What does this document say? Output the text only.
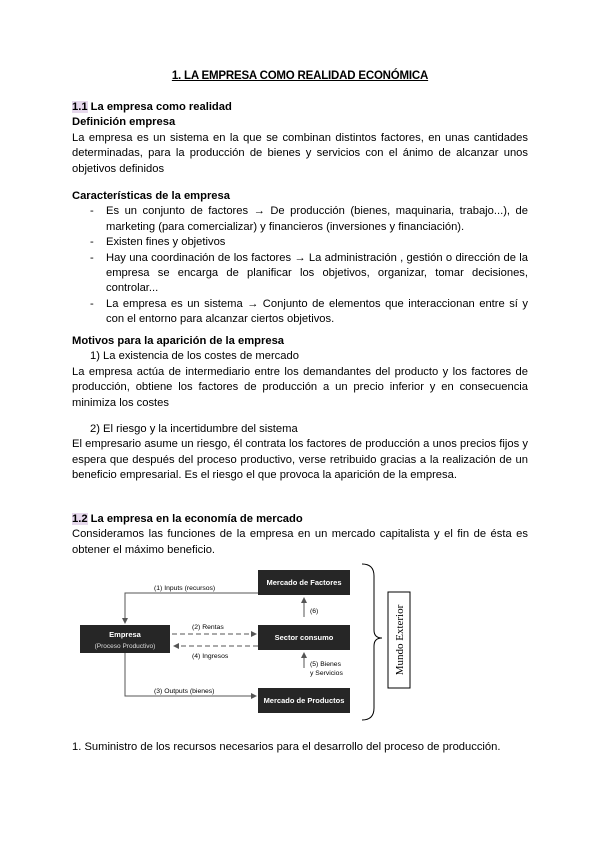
1. LA EMPRESA COMO REALIDAD ECONÓMICA
1.1 La empresa como realidad
Definición empresa
La empresa es un sistema en la que se combinan distintos factores, en unas cantidades determinadas, para la producción de bienes y servicios con el ánimo de alcanzar unos objetivos definidos
Características de la empresa
- Es un conjunto de factores → De producción (bienes, maquinaria, trabajo...), de marketing (para comercializar) y financieros (inversiones y financiación).
- Existen fines y objetivos
- Hay una coordinación de los factores → La administración , gestión o dirección de la empresa se encarga de planificar los objetivos, organizar, tomar decisiones, controlar...
- La empresa es un sistema → Conjunto de elementos que interaccionan entre sí y con el entorno para alcanzar ciertos objetivos.
Motivos para la aparición de la empresa
1) La existencia de los costes de mercado
La empresa actúa de intermediario entre los demandantes del producto y los factores de producción, obtiene los factores de producción a un precio inferior y en consecuencia minimiza los costes
2) El riesgo y la incertidumbre del sistema
El empresario asume un riesgo, él contrata los factores de producción a unos precios fijos y espera que después del proceso productivo, verse retribuido gracias a la realización de un beneficio empresarial. Es el riesgo el que provoca la aparición de la empresa.
1.2 La empresa en la economía de mercado
Consideramos las funciones de la empresa en un mercado capitalista y el fin de ésta es obtener el máximo beneficio.
Mercado de Factores
Empresa
(Proceso Productivo)
Sector consumo
Mercado de Productos
(1) Inputs (recursos)
(2) Rentas
(4) Ingresos
(6)
(5) Bienes
y Servicios
(3) Outputs (bienes)
Mundo Exterior
1. Suministro de los recursos necesarios para el desarrollo del proceso de producción.
